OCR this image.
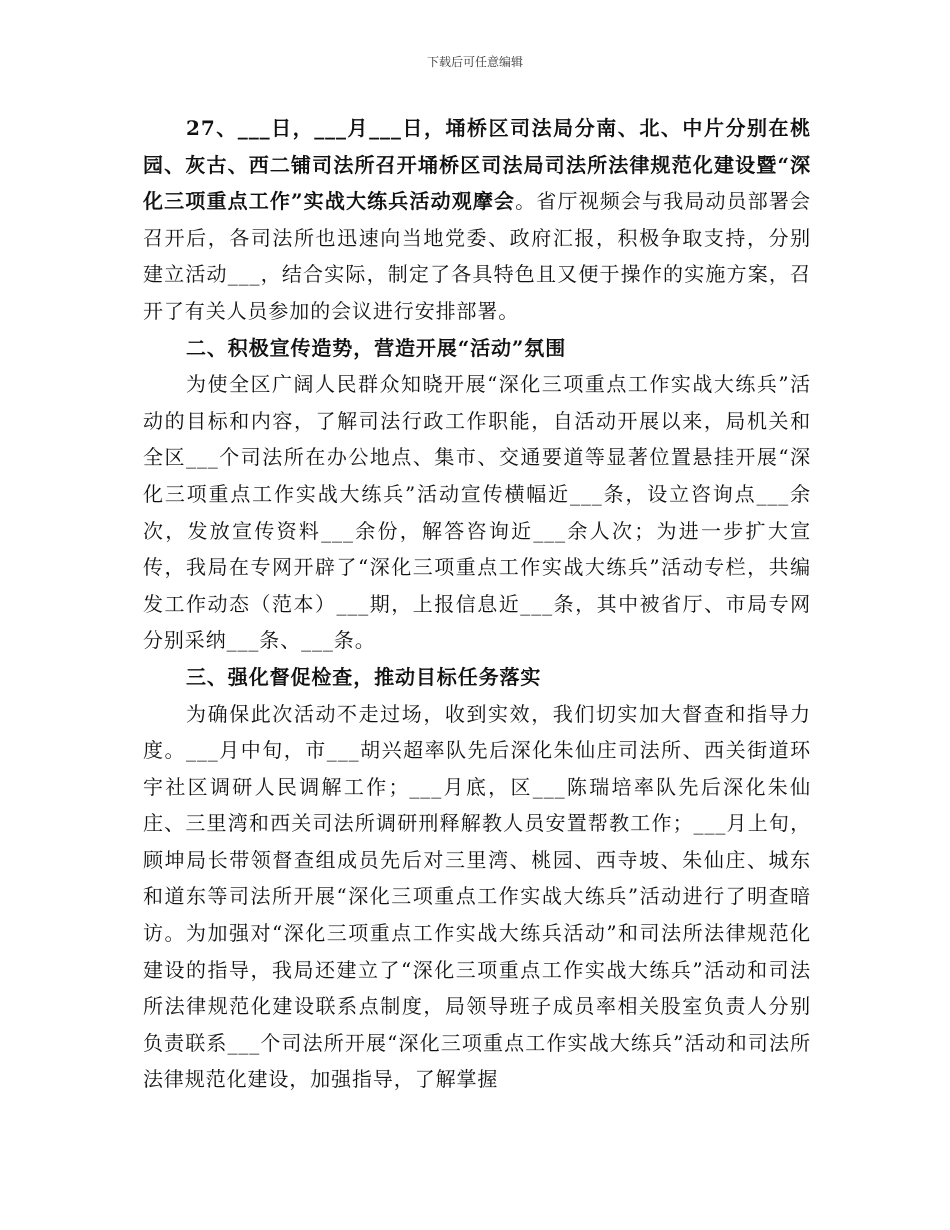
下载后可任意编辑

27、___日，___月___日，埇桥区司法局分南、北、中片分别在桃园、灰古、西二铺司法所召开埇桥区司法局司法所法律规范化建设暨“深化三项重点工作”实战大练兵活动观摩会。省厅视频会与我局动员部署会召开后，各司法所也迅速向当地党委、政府汇报，积极争取支持，分别建立活动___，结合实际，制定了各具特色且又便于操作的实施方案，召开了有关人员参加的会议进行安排部署。

二、积极宣传造势，营造开展“活动”氛围

为使全区广阔人民群众知晓开展“深化三项重点工作实战大练兵”活动的目标和内容，了解司法行政工作职能，自活动开展以来，局机关和全区___个司法所在办公地点、集市、交通要道等显著位置悬挂开展“深化三项重点工作实战大练兵”活动宣传横幅近___条，设立咨询点___余次，发放宣传资料___余份，解答咨询近___余人次；为进一步扩大宣传，我局在专网开辟了“深化三项重点工作实战大练兵”活动专栏，共编发工作动态（范本）___期，上报信息近___条，其中被省厅、市局专网分别采纳___条、___条。

三、强化督促检查，推动目标任务落实

为确保此次活动不走过场，收到实效，我们切实加大督查和指导力度。___月中旬，市___胡兴超率队先后深化朱仙庄司法所、西关街道环宇社区调研人民调解工作；___月底，区___陈瑞培率队先后深化朱仙庄、三里湾和西关司法所调研刑释解教人员安置帮教工作；___月上旬，顾坤局长带领督查组成员先后对三里湾、桃园、西寺坡、朱仙庄、城东和道东等司法所开展“深化三项重点工作实战大练兵”活动进行了明查暗访。为加强对“深化三项重点工作实战大练兵活动”和司法所法律规范化建设的指导，我局还建立了“深化三项重点工作实战大练兵”活动和司法所法律规范化建设联系点制度，局领导班子成员率相关股室负责人分别负责联系___个司法所开展“深化三项重点工作实战大练兵”活动和司法所法律规范化建设，加强指导，了解掌握
